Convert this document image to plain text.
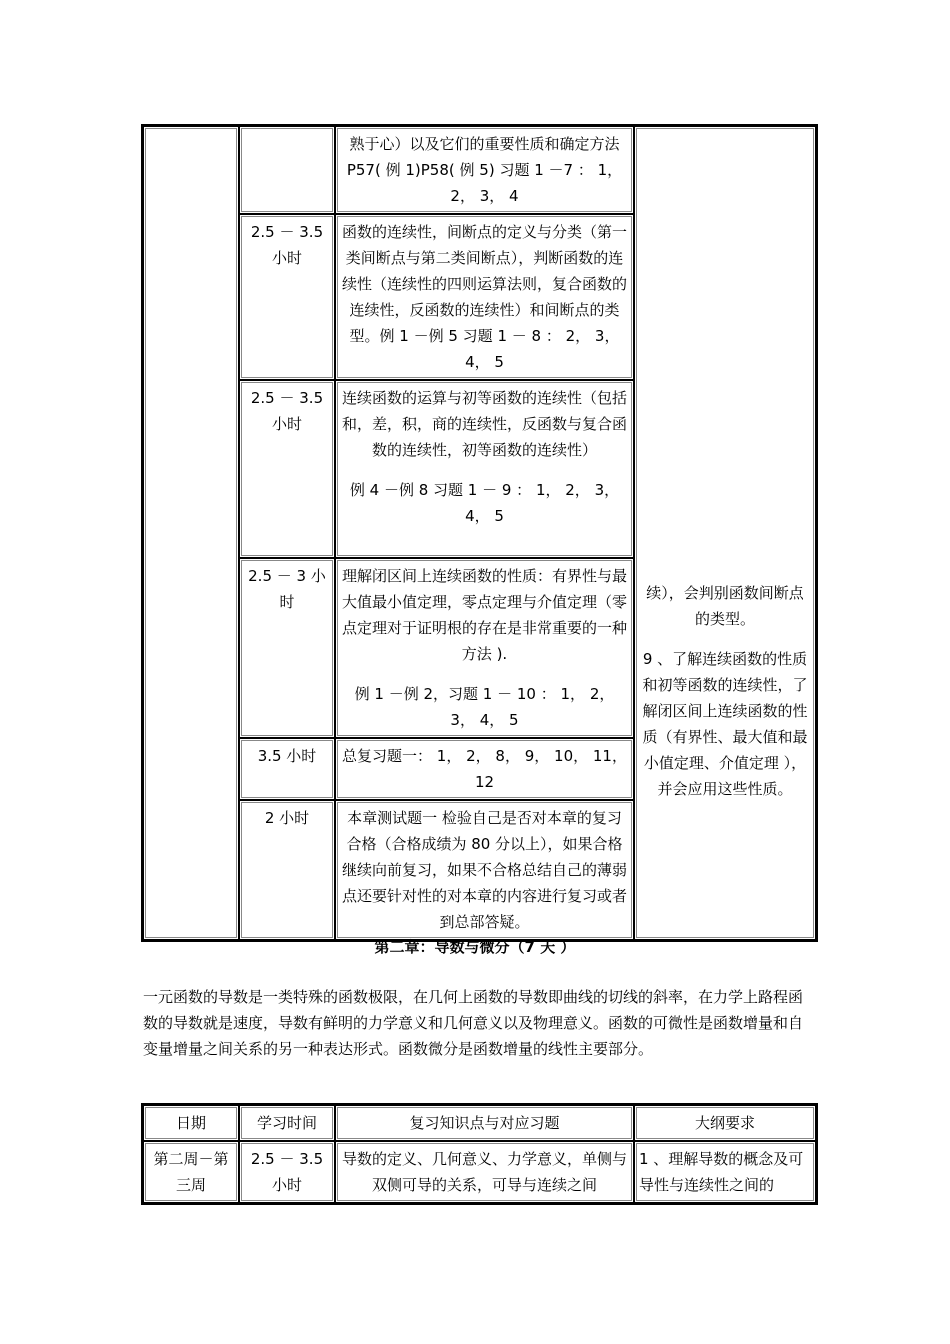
		熟于心）以及它们的重要性质和确定方法 P57( 例 1)P58( 例 5) 习题 1 －7 ： 1， 2， 3， 4	续），会判别函数间断点的类型。
9 、了解连续函数的性质和初等函数的连续性，了解闭区间上连续函数的性质（有界性、最大值和最小值定理、介值定理 ），并会应用这些性质。

	2.5 － 3.5 小时	函数的连续性，间断点的定义与分类（第一类间断点与第二类间断点），判断函数的连续性（连续性的四则运算法则，复合函数的连续性，反函数的连续性）和间断点的类型。例 1 －例 5 习题 1 － 8 ： 2， 3， 4， 5	
	2.5 － 3.5 小时	连续函数的运算与初等函数的连续性（包括和，差，积，商的连续性，反函数与复合函数的连续性，初等函数的连续性）
例 4 －例 8 习题 1 － 9 ： 1， 2， 3， 4， 5	

	2.5 － 3 小时	理解闭区间上连续函数的性质：有界性与最大值最小值定理，零点定理与介值定理（零点定理对于证明根的存在是非常重要的一种方法 ).
例 1 －例 2，习题 1 － 10 ： 1， 2， 3， 4， 5	

	3.5 小时	总复习题一： 1， 2， 8， 9， 10， 11， 12	
	2 小时	本章测试题一 检验自己是否对本章的复习合格（合格成绩为 80 分以上），如果合格继续向前复习，如果不合格总结自己的薄弱点还要针对性的对本章的内容进行复习或者到总部答疑。	
第二章：导数与微分（7 天 ）
一元函数的导数是一类特殊的函数极限，在几何上函数的导数即曲线的切线的斜率，在力学上路程函数的导数就是速度，导数有鲜明的力学意义和几何意义以及物理意义。函数的可微性是函数增量和自变量增量之间关系的另一种表达形式。函数微分是函数增量的线性主要部分。
日期	学习时间	复习知识点与对应习题	大纲要求
第二周－第三周	2.5 － 3.5 小时	导数的定义、几何意义、力学意义，单侧与双侧可导的关系，可导与连续之间	1 、理解导数的概念及可导性与连续性之间的
